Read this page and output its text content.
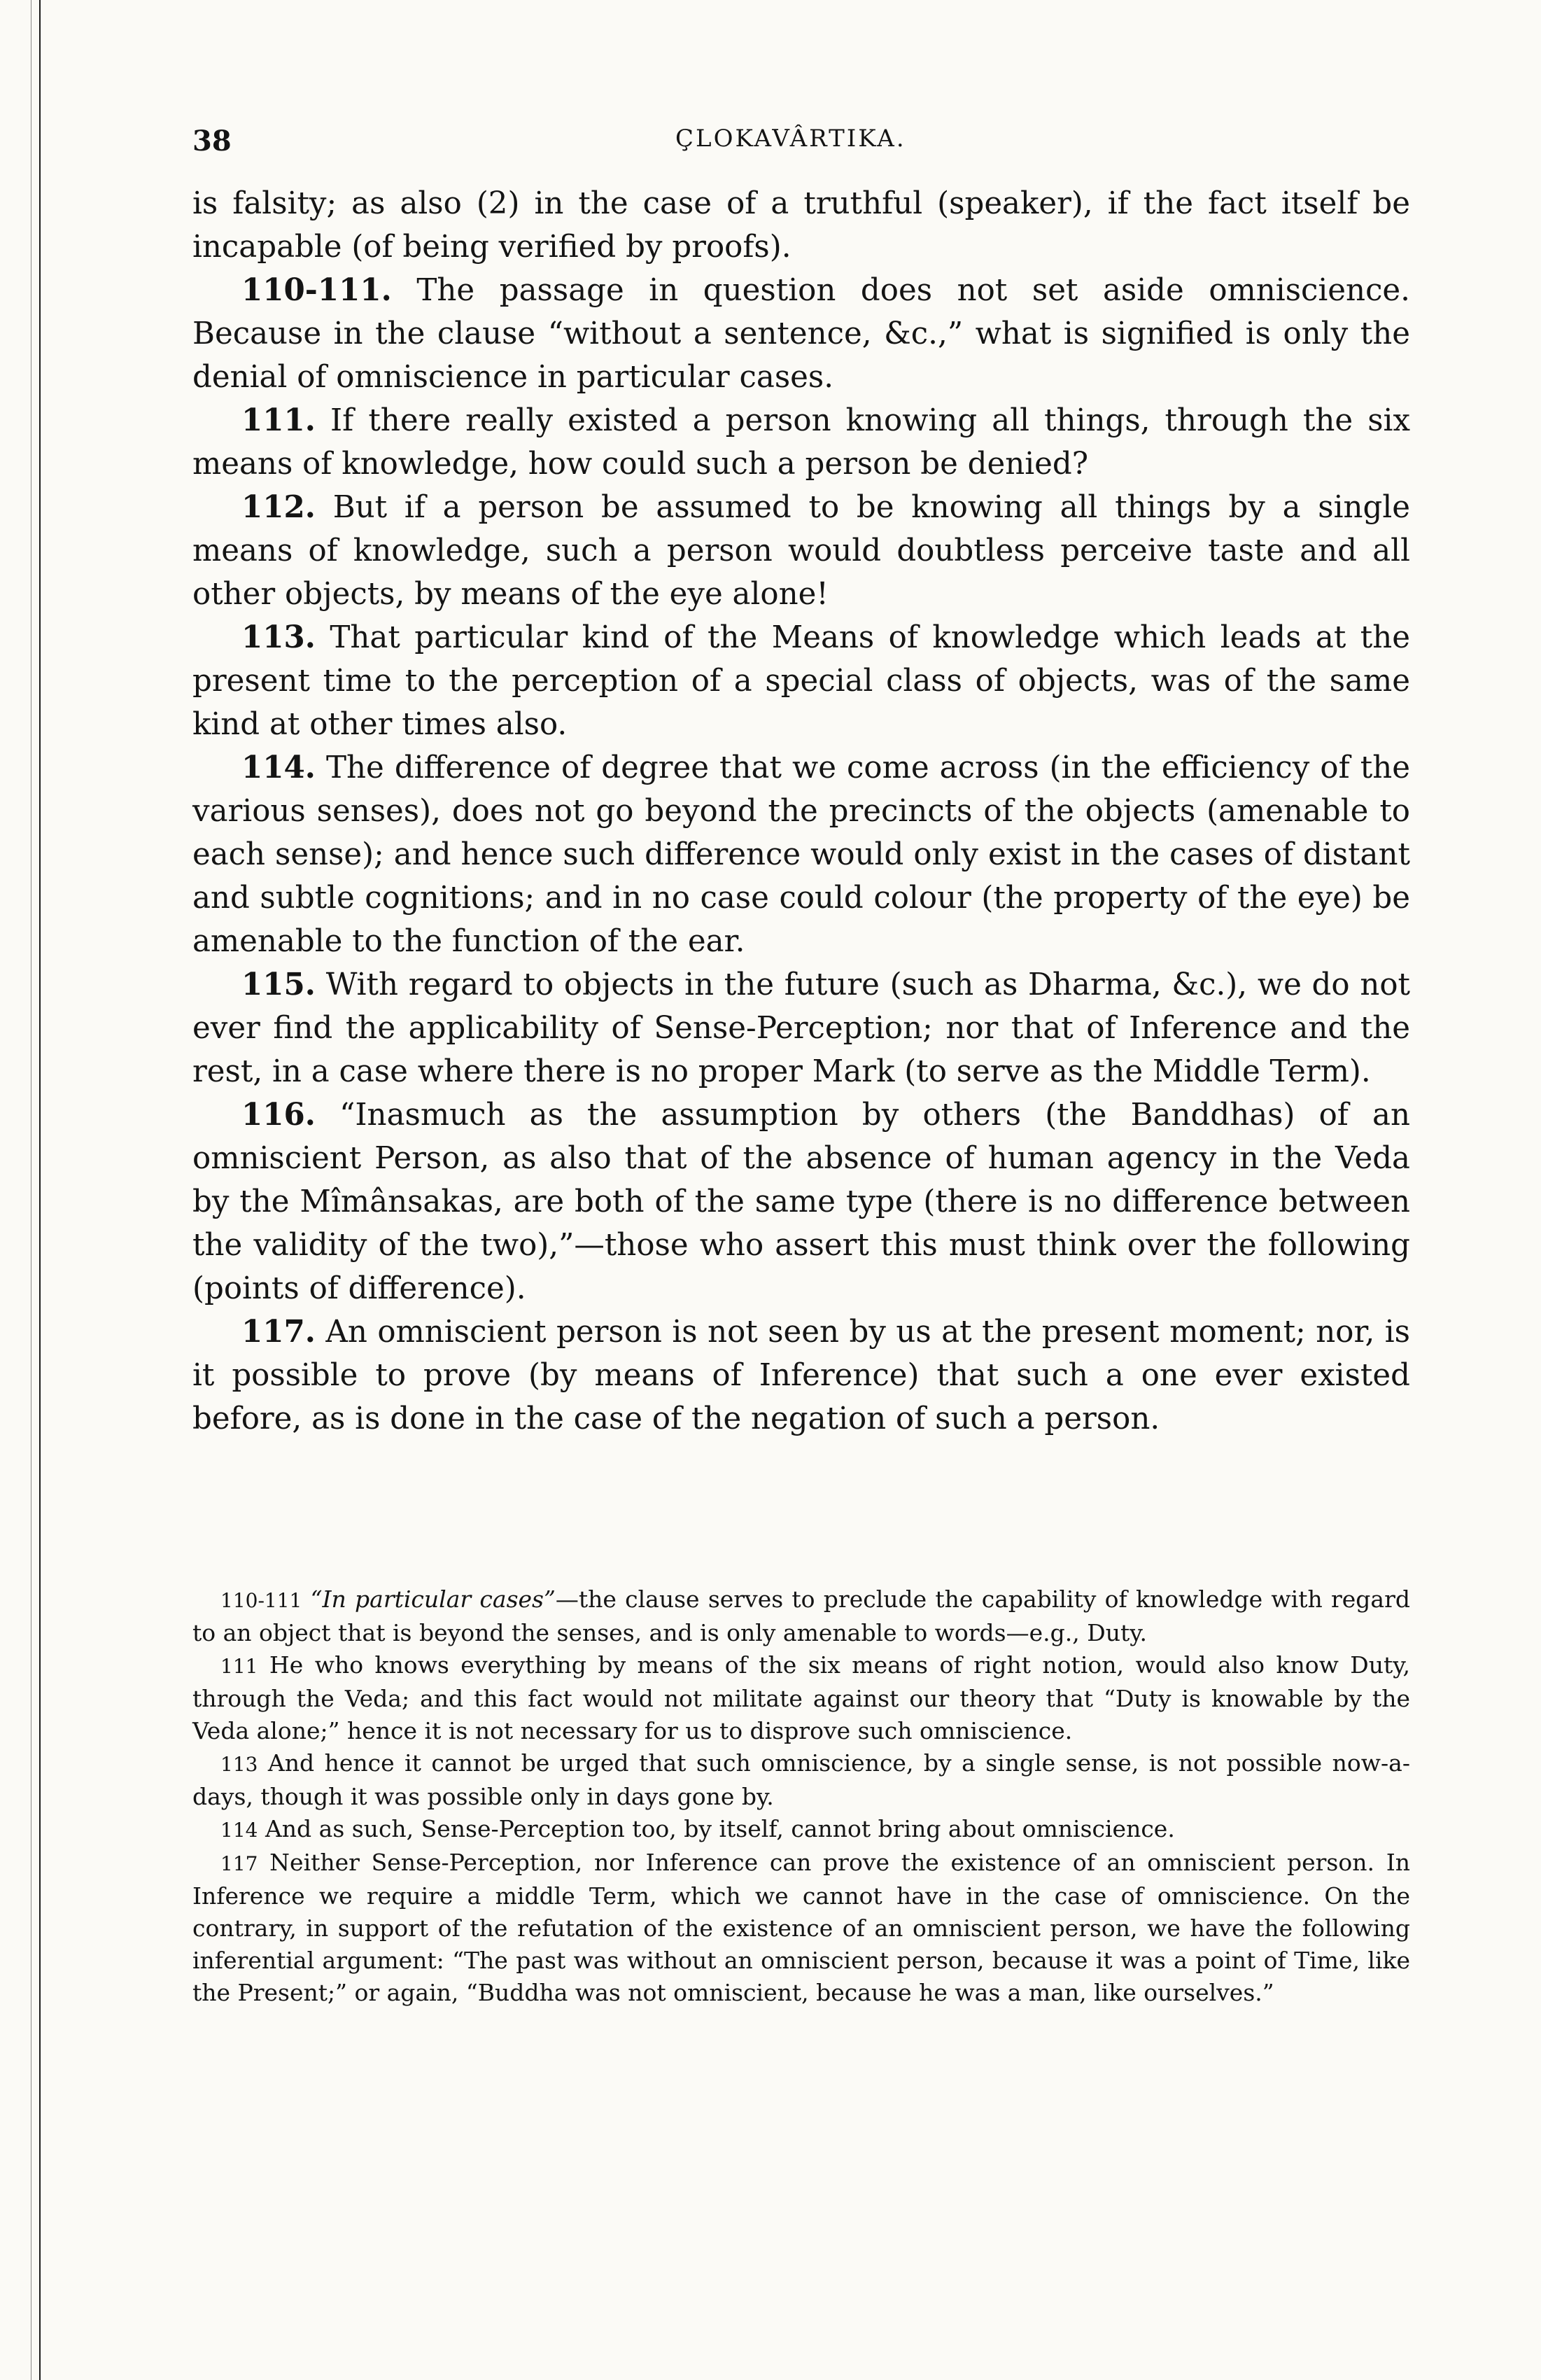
38	ÇLOKAVÂRTIKA.

is falsity; as also (2) in the case of a truthful (speaker), if the fact itself be incapable (of being verified by proofs).

110-111. The passage in question does not set aside omniscience. Because in the clause “without a sentence, &c.,” what is signified is only the denial of omniscience in particular cases.

111. If there really existed a person knowing all things, through the six means of knowledge, how could such a person be denied?

112. But if a person be assumed to be knowing all things by a single means of knowledge, such a person would doubtless perceive taste and all other objects, by means of the eye alone!

113. That particular kind of the Means of knowledge which leads at the present time to the perception of a special class of objects, was of the same kind at other times also.

114. The difference of degree that we come across (in the efficiency of the various senses), does not go beyond the precincts of the objects (amenable to each sense); and hence such difference would only exist in the cases of distant and subtle cognitions; and in no case could colour (the property of the eye) be amenable to the function of the ear.

115. With regard to objects in the future (such as Dharma, &c.), we do not ever find the applicability of Sense-Perception; nor that of Inference and the rest, in a case where there is no proper Mark (to serve as the Middle Term).

116. “Inasmuch as the assumption by others (the Banddhas) of an omniscient Person, as also that of the absence of human agency in the Veda by the Mîmânsakas, are both of the same type (there is no difference between the validity of the two),”—those who assert this must think over the following (points of difference).

117. An omniscient person is not seen by us at the present moment; nor, is it possible to prove (by means of Inference) that such a one ever existed before, as is done in the case of the negation of such a person.

110-111 “In particular cases”—the clause serves to preclude the capability of knowledge with regard to an object that is beyond the senses, and is only amenable to words—e.g., Duty.

111 He who knows everything by means of the six means of right notion, would also know Duty, through the Veda; and this fact would not militate against our theory that “Duty is knowable by the Veda alone;” hence it is not necessary for us to disprove such omniscience.

113 And hence it cannot be urged that such omniscience, by a single sense, is not possible now-a-days, though it was possible only in days gone by.

114 And as such, Sense-Perception too, by itself, cannot bring about omniscience.

117 Neither Sense-Perception, nor Inference can prove the existence of an omniscient person. In Inference we require a middle Term, which we cannot have in the case of omniscience. On the contrary, in support of the refutation of the existence of an omniscient person, we have the following inferential argument: “The past was without an omniscient person, because it was a point of Time, like the Present;” or again, “Buddha was not omniscient, because he was a man, like ourselves.”
